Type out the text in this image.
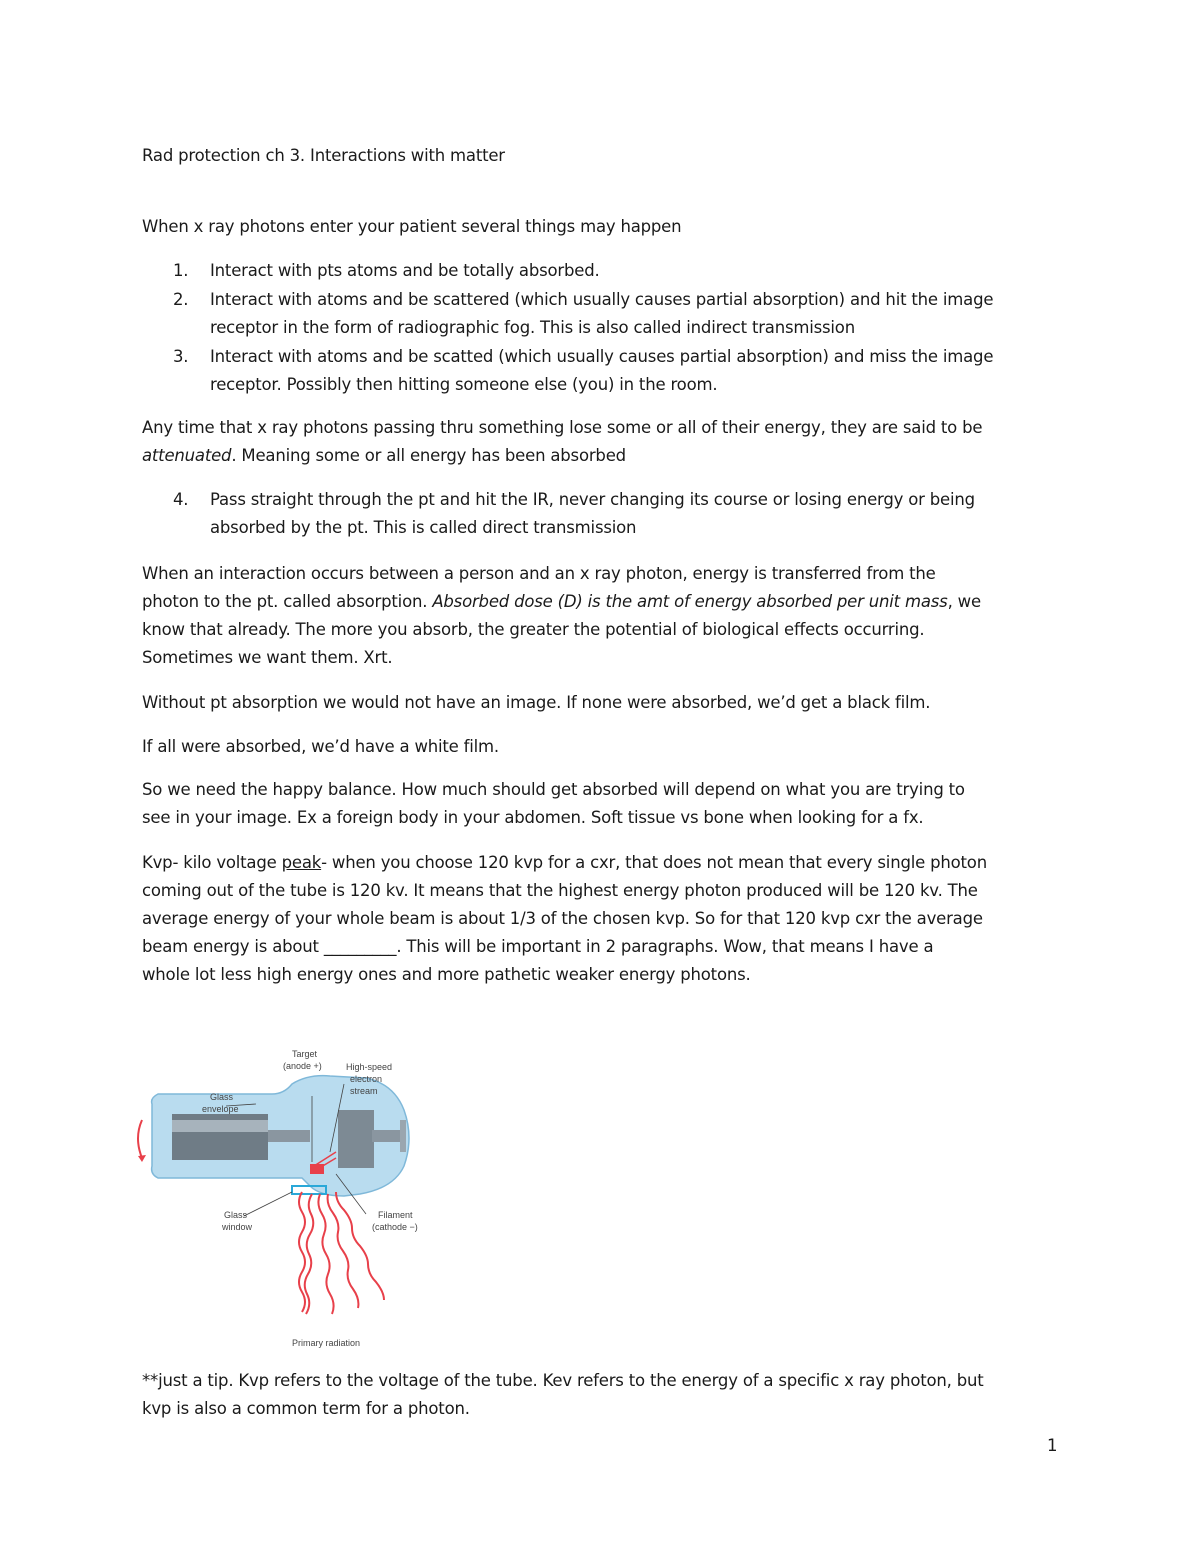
Rad protection ch 3. Interactions with matter
When x ray photons enter your patient several things may happen
1. Interact with pts atoms and be totally absorbed.
2. Interact with atoms and be scattered (which usually causes partial absorption) and hit the image
receptor in the form of radiographic fog. This is also called indirect transmission
3. Interact with atoms and be scatted (which usually causes partial absorption) and miss the image
receptor. Possibly then hitting someone else (you) in the room.
Any time that x ray photons passing thru something lose some or all of their energy, they are said to be
attenuated. Meaning some or all energy has been absorbed
4. Pass straight through the pt and hit the IR, never changing its course or losing energy or being
absorbed by the pt. This is called direct transmission
When an interaction occurs between a person and an x ray photon, energy is transferred from the
photon to the pt. called absorption. Absorbed dose (D) is the amt of energy absorbed per unit mass, we
know that already. The more you absorb, the greater the potential of biological effects occurring.
Sometimes we want them. Xrt.
Without pt absorption we would not have an image. If none were absorbed, we’d get a black film.
If all were absorbed, we’d have a white film.
So we need the happy balance. How much should get absorbed will depend on what you are trying to
see in your image. Ex a foreign body in your abdomen. Soft tissue vs bone when looking for a fx.
Kvp- kilo voltage peak- when you choose 120 kvp for a cxr, that does not mean that every single photon
coming out of the tube is 120 kv. It means that the highest energy photon produced will be 120 kv. The
average energy of your whole beam is about 1/3 of the chosen kvp. So for that 120 kvp cxr the average
beam energy is about _________. This will be important in 2 paragraphs. Wow, that means I have a
whole lot less high energy ones and more pathetic weaker energy photons.
Target
(anode +)	High-speed
electron
stream
Glass
envelope
Glass
window
Filament
(cathode −)
Primary radiation
**just a tip. Kvp refers to the voltage of the tube. Kev refers to the energy of a specific x ray photon, but
kvp is also a common term for a photon.
1
